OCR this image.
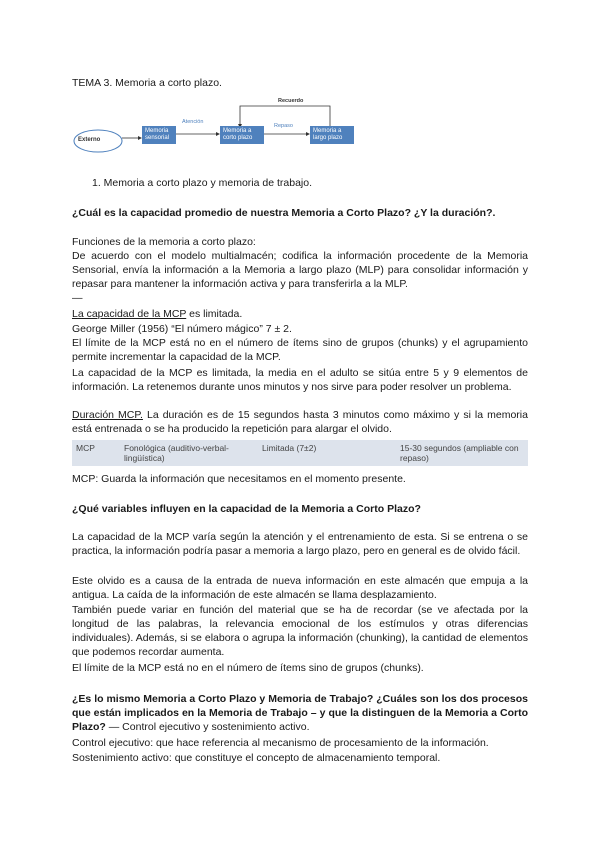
TEMA 3. Memoria a corto plazo.

Externo
Memoria sensorial
Memoria a corto plazo
Memoria a largo plazo
Atención
Repaso
Recuerdo

1. Memoria a corto plazo y memoria de trabajo.

¿Cuál es la capacidad promedio de nuestra Memoria a Corto Plazo? ¿Y la duración?.

Funciones de la memoria a corto plazo:

De acuerdo con el modelo multialmacén; codifica la información procedente de la Memoria Sensorial, envía la información a la Memoria a largo plazo (MLP) para consolidar información y repasar para mantener la información activa y para transferirla a la MLP.

—

La capacidad de la MCP es limitada.

George Miller (1956) “El número mágico” 7 ± 2.

El límite de la MCP está no en el número de ítems sino de grupos (chunks) y el agrupamiento permite incrementar la capacidad de la MCP.

La capacidad de la MCP es limitada, la media en el adulto se sitúa entre 5 y 9 elementos de información. La retenemos durante unos minutos y nos sirve para poder resolver un problema.

Duración MCP. La duración es de 15 segundos hasta 3 minutos como máximo y si la memoria está entrenada o se ha producido la repetición para alargar el olvido.

MCP	Fonológica (auditivo-verbal-lingüística)	Limitada (7±2)	15-30 segundos (ampliable con repaso)

MCP: Guarda la información que necesitamos en el momento presente.

¿Qué variables influyen en la capacidad de la Memoria a Corto Plazo?

La capacidad de la MCP varía según la atención y el entrenamiento de esta. Si se entrena o se practica, la información podría pasar a memoria a largo plazo, pero en general es de olvido fácil.

Este olvido es a causa de la entrada de nueva información en este almacén que empuja a la antigua. La caída de la información de este almacén se llama desplazamiento.

También puede variar en función del material que se ha de recordar (se ve afectada por la longitud de las palabras, la relevancia emocional de los estímulos y otras diferencias individuales). Además, si se elabora o agrupa la información (chunking), la cantidad de elementos que podemos recordar aumenta.

El límite de la MCP está no en el número de ítems sino de grupos (chunks).

¿Es lo mismo Memoria a Corto Plazo y Memoria de Trabajo? ¿Cuáles son los dos procesos que están implicados en la Memoria de Trabajo – y que la distinguen de la Memoria a Corto Plazo? — Control ejecutivo y sostenimiento activo.

Control ejecutivo: que hace referencia al mecanismo de procesamiento de la información.

Sostenimiento activo: que constituye el concepto de almacenamiento temporal.
